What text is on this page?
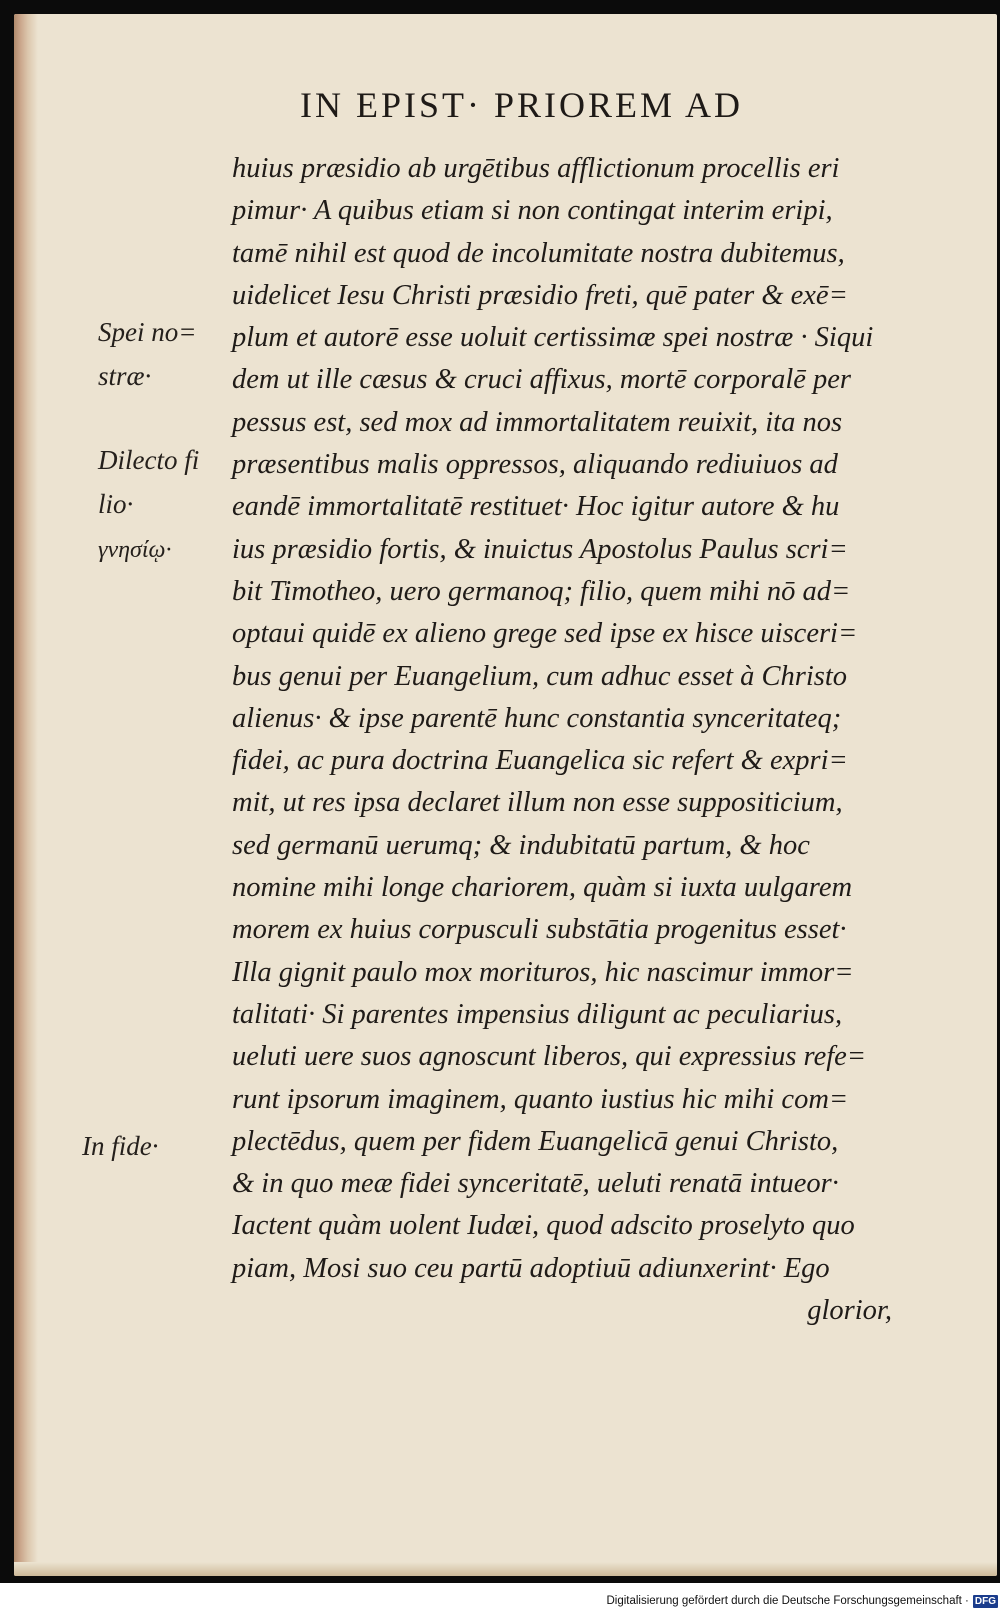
IN EPIST· PRIOREM AD
huius præsidio ab urgētibus afflictionum procellis eri
pimur· A quibus etiam si non contingat interim eripi,
tamē nihil est quod de incolumitate nostra dubitemus,
uidelicet Iesu Christi præsidio freti, quē pater & exē=
plum et autorē esse uoluit certissimæ spei nostræ · Siqui
dem ut ille cæsus & cruci affixus, mortē corporalē per
pessus est, sed mox ad immortalitatem reuixit, ita nos
præsentibus malis oppressos, aliquando rediuiuos ad
eandē immortalitatē restituet· Hoc igitur autore & hu
ius præsidio fortis, & inuictus Apostolus Paulus scri=
bit Timotheo, uero germanoq; filio, quem mihi nō ad=
optaui quidē ex alieno grege sed ipse ex hisce uisceri=
bus genui per Euangelium, cum adhuc esset à Christo
alienus· & ipse parentē hunc constantia synceritateq;
fidei, ac pura doctrina Euangelica sic refert & expri=
mit, ut res ipsa declaret illum non esse suppositicium,
sed germanū uerumq; & indubitatū partum, & hoc
nomine mihi longe chariorem, quàm si iuxta uulgarem
morem ex huius corpusculi substātia progenitus esset·
Illa gignit paulo mox morituros, hic nascimur immor=
talitati· Si parentes impensius diligunt ac peculiarius,
ueluti uere suos agnoscunt liberos, qui expressius refe=
runt ipsorum imaginem, quanto iustius hic mihi com=
plectēdus, quem per fidem Euangelicā genui Christo,
& in quo meæ fidei synceritatē, ueluti renatā intueor·
Iactent quàm uolent Iudæi, quod adscito proselyto quo
piam, Mosi suo ceu partū adoptiuū adiunxerint· Ego
glorior,
Spei no=
stræ·
Dilecto fi
lio·
γνησίῳ·
In fide·
Digitalisierung gefördert durch die Deutsche Forschungsgemeinschaft · DFG
